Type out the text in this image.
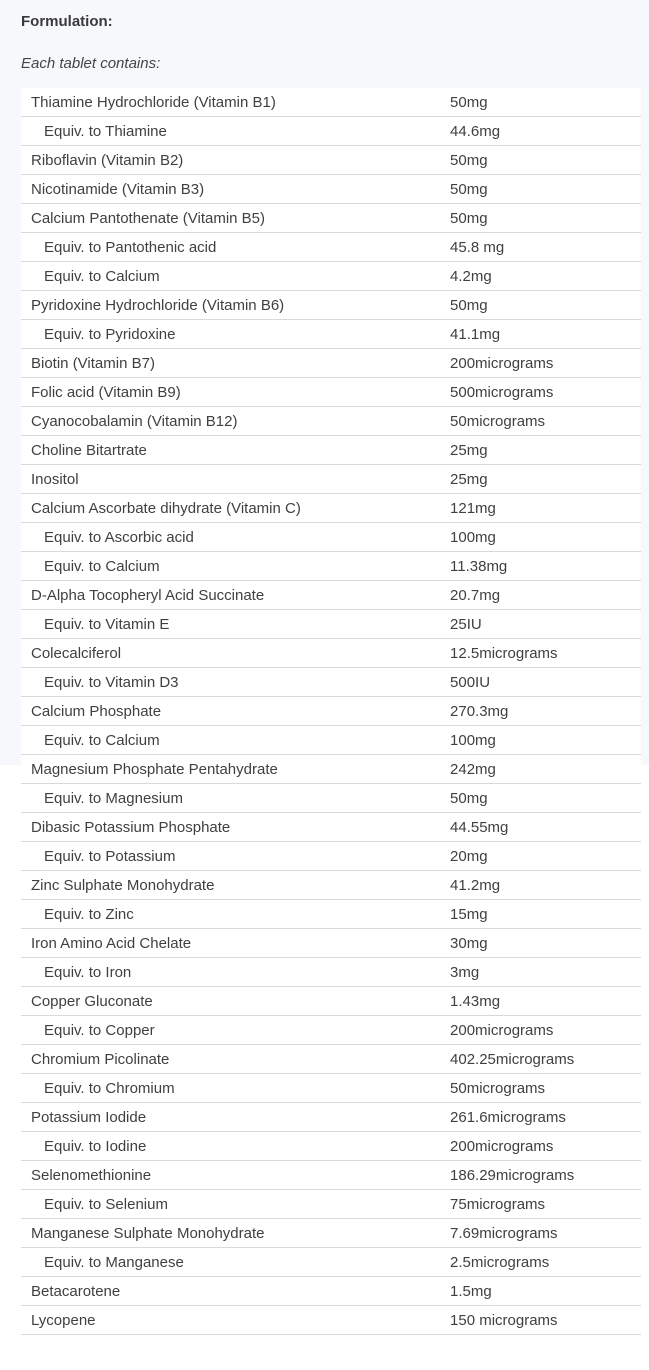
Formulation:

Each tablet contains:

Thiamine Hydrochloride (Vitamin B1)	50mg
Equiv. to Thiamine	44.6mg
Riboflavin (Vitamin B2)	50mg
Nicotinamide (Vitamin B3)	50mg
Calcium Pantothenate (Vitamin B5)	50mg
Equiv. to Pantothenic acid	45.8 mg
Equiv. to Calcium	4.2mg
Pyridoxine Hydrochloride (Vitamin B6)	50mg
Equiv. to Pyridoxine	41.1mg
Biotin (Vitamin B7)	200micrograms
Folic acid (Vitamin B9)	500micrograms
Cyanocobalamin (Vitamin B12)	50micrograms
Choline Bitartrate	25mg
Inositol	25mg
Calcium Ascorbate dihydrate (Vitamin C)	121mg
Equiv. to Ascorbic acid	100mg
Equiv. to Calcium	11.38mg
D-Alpha Tocopheryl Acid Succinate	20.7mg
Equiv. to Vitamin E	25IU
Colecalciferol	12.5micrograms
Equiv. to Vitamin D3	500IU
Calcium Phosphate	270.3mg
Equiv. to Calcium	100mg
Magnesium Phosphate Pentahydrate	242mg
Equiv. to Magnesium	50mg
Dibasic Potassium Phosphate	44.55mg
Equiv. to Potassium	20mg
Zinc Sulphate Monohydrate	41.2mg
Equiv. to Zinc	15mg
Iron Amino Acid Chelate	30mg
Equiv. to Iron	3mg
Copper Gluconate	1.43mg
Equiv. to Copper	200micrograms
Chromium Picolinate	402.25micrograms
Equiv. to Chromium	50micrograms
Potassium Iodide	261.6micrograms
Equiv. to Iodine	200micrograms
Selenomethionine	186.29micrograms
Equiv. to Selenium	75micrograms
Manganese Sulphate Monohydrate	7.69micrograms
Equiv. to Manganese	2.5micrograms
Betacarotene	1.5mg
Lycopene	150 micrograms
